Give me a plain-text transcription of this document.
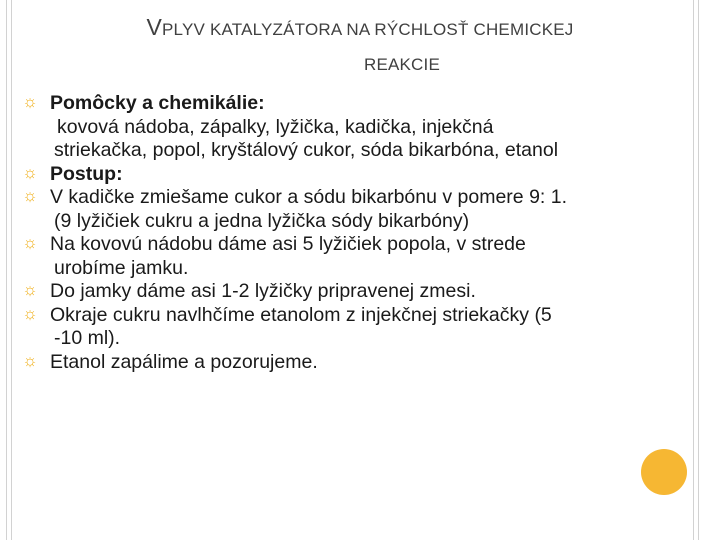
VPLYV KATALYZÁTORA NA RÝCHLOSŤ CHEMICKEJ
REAKCIE
☼ Pomôcky a chemikálie:
kovová nádoba, zápalky, lyžička, kadička, injekčná
striekačka, popol, kryštálový cukor, sóda bikarbóna, etanol
☼ Postup:
☼ V kadičke zmiešame cukor a sódu bikarbónu v pomere 9: 1.
(9 lyžičiek cukru a jedna lyžička sódy bikarbóny)
☼ Na kovovú nádobu dáme asi 5 lyžičiek popola, v strede
urobíme jamku.
☼ Do jamky dáme asi 1-2 lyžičky pripravenej zmesi.
☼ Okraje cukru navlhčíme etanolom z injekčnej striekačky (5
-10 ml).
☼ Etanol zapálime a pozorujeme.
